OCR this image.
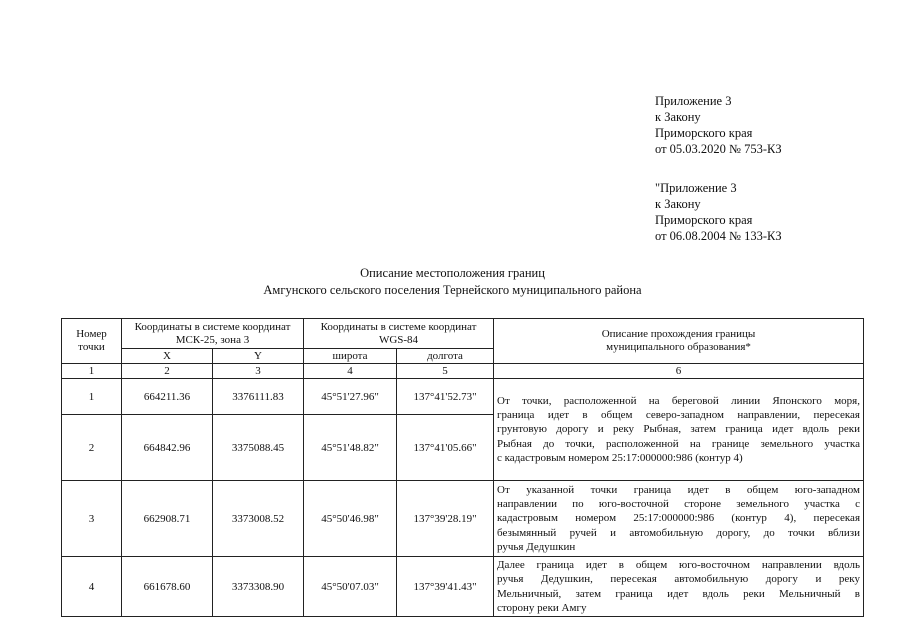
Приложение 3
к Закону
Приморского края
от 05.03.2020 № 753-КЗ
"Приложение 3
к Закону
Приморского края
от 06.08.2004 № 133-КЗ
Описание местоположения границ
Амгунского сельского поселения Тернейского муниципального района
Номер точки	Координаты в системе координат МСК-25, зона 3		Координаты в системе координат WGS-84		Описание прохождения границы муниципального образования*
	X	Y	широта	долгота	
1	2	3	4	5	6
1	664211.36	3376111.83	45°51'27.96"	137°41'52.73"	От точки, расположенной на береговой линии Японского моря,

граница идет в общем северо-западном направлении, пересекая

грунтовую дорогу и реку Рыбная, затем граница идет вдоль реки

Рыбная до точки, расположенной на границе земельного участка

с кадастровым номером 25:17:000000:986 (контур 4)

2	664842.96	3375088.45	45°51'48.82"	137°41'05.66"	
3	662908.71	3373008.52	45°50'46.98"	137°39'28.19"	От указанной точки граница идет в общем юго-западном

направлении по юго-восточной стороне земельного участка с

кадастровым номером 25:17:000000:986 (контур 4), пересекая

безымянный ручей и автомобильную дорогу, до точки вблизи

ручья Дедушкин

4	661678.60	3373308.90	45°50'07.03"	137°39'41.43"	Далее граница идет в общем юго-восточном направлении вдоль

ручья Дедушкин, пересекая автомобильную дорогу и реку

Мельничный, затем граница идет вдоль реки Мельничный в

сторону реки Амгу
